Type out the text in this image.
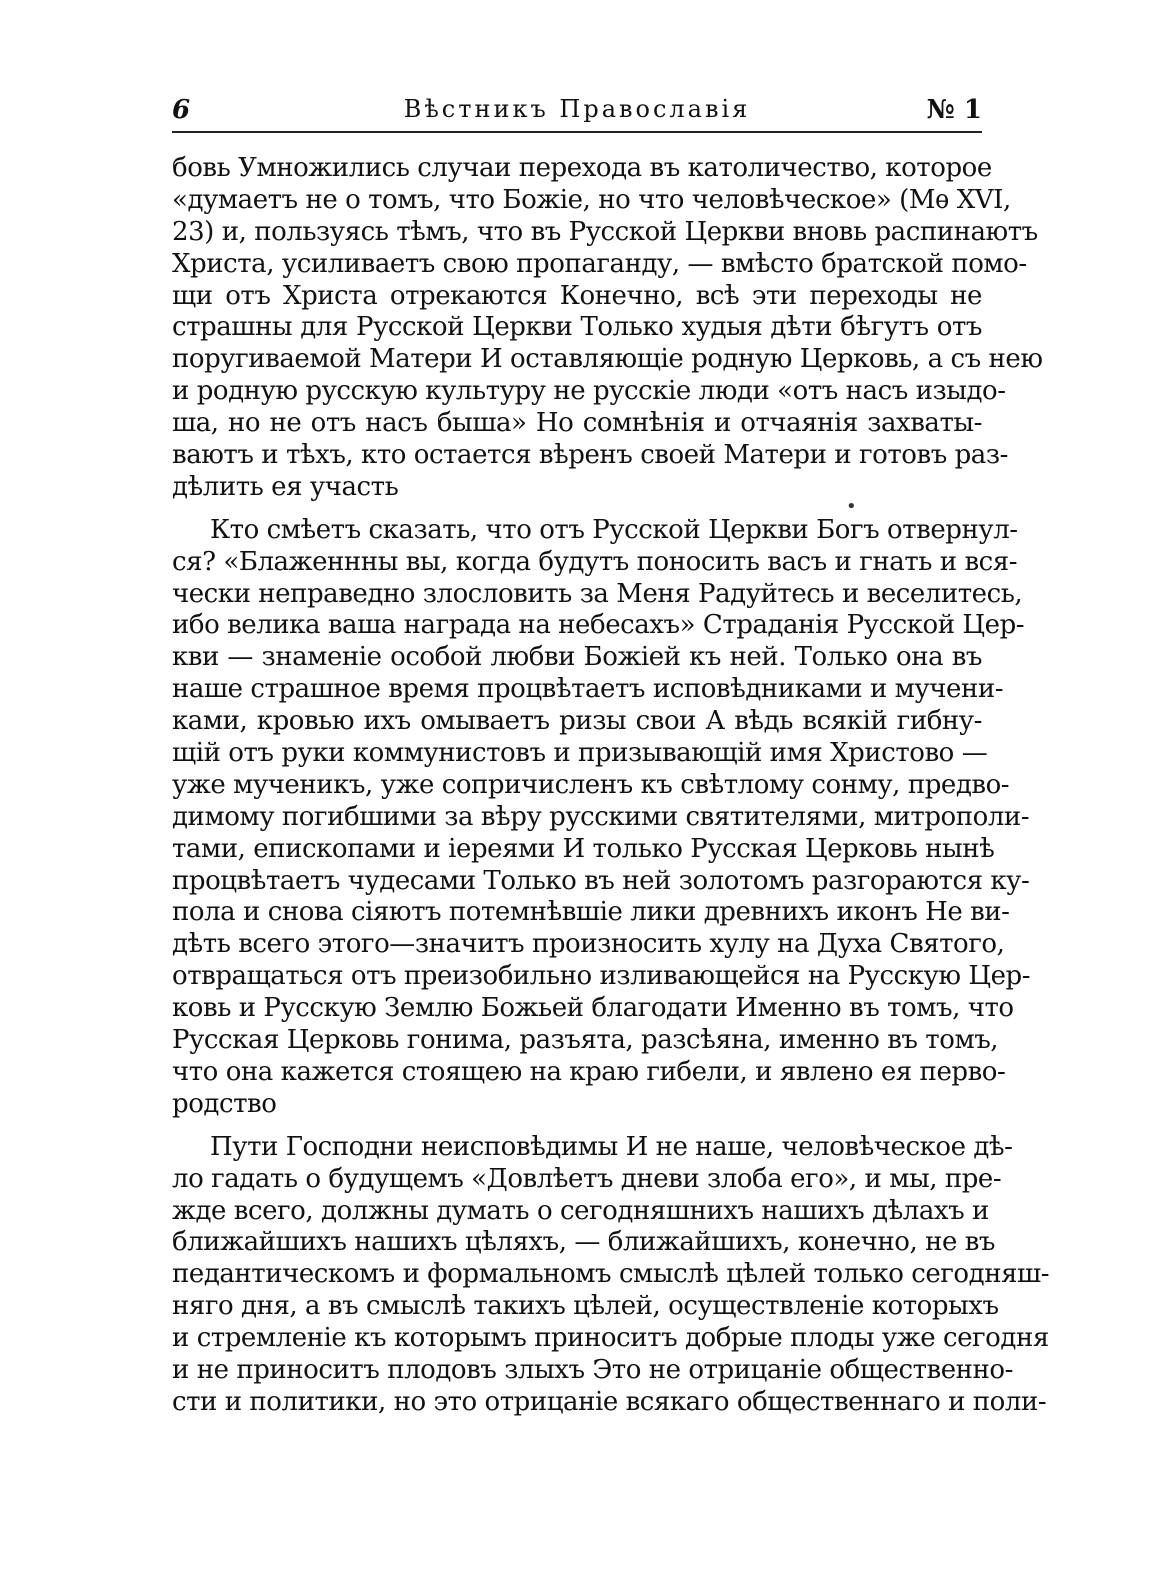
6	Вѣстникъ Православія	№ 1
бовь Умножились случаи перехода въ католичество, которое
«думаетъ не о томъ, что Божіе, но что человѣческое» (Мѳ XVI,
23) и, пользуясь тѣмъ, что въ Русской Церкви вновь распинаютъ
Христа, усиливаетъ свою пропаганду, — вмѣсто братской помо-
щи отъ Христа отрекаются Конечно, всѣ эти переходы не
страшны для Русской Церкви Только худыя дѣти бѣгутъ отъ
поругиваемой Матери И оставляющіе родную Церковь, а съ нею
и родную русскую культуру не русскіе люди «отъ насъ изыдо-
ша, но не отъ насъ быша» Но сомнѣнія и отчаянія захваты-
ваютъ и тѣхъ, кто остается вѣренъ своей Матери и готовъ раз-
дѣлить ея участь
Кто смѣетъ сказать, что отъ Русской Церкви Богъ отвернул-
ся? «Блаженнны вы, когда будутъ поносить васъ и гнать и вся-
чески неправедно злословить за Меня Радуйтесь и веселитесь,
ибо велика ваша награда на небесахъ» Страданія Русской Цер-
кви — знаменіе особой любви Божіей къ ней. Только она въ
наше страшное время процвѣтаетъ исповѣдниками и мучени-
ками, кровью ихъ омываетъ ризы свои А вѣдь всякій гибну-
щій отъ руки коммунистовъ и призывающій имя Христово —
уже мученикъ, уже сопричисленъ къ свѣтлому сонму, предво-
димому погибшими за вѣру русскими святителями, митрополи-
тами, епископами и іереями И только Русская Церковь нынѣ
процвѣтаетъ чудесами Только въ ней золотомъ разгораются ку-
пола и снова сіяютъ потемнѣвшіе лики древнихъ иконъ Не ви-
дѣть всего этого—значитъ произносить хулу на Духа Святого,
отвращаться отъ преизобильно изливающейся на Русскую Цер-
ковь и Русскую Землю Божьей благодати Именно въ томъ, что
Русская Церковь гонима, разъята, разсѣяна, именно въ томъ,
что она кажется стоящею на краю гибели, и явлено ея перво-
родство
Пути Господни неисповѣдимы И не наше, человѣческое дѣ-
ло гадать о будущемъ «Довлѣетъ дневи злоба его», и мы, пре-
жде всего, должны думать о сегодняшнихъ нашихъ дѣлахъ и
ближайшихъ нашихъ цѣляхъ, — ближайшихъ, конечно, не въ
педантическомъ и формальномъ смыслѣ цѣлей только сегодняш-
няго дня, а въ смыслѣ такихъ цѣлей, осуществленіе которыхъ
и стремленіе къ которымъ приноситъ добрые плоды уже сегодня
и не приноситъ плодовъ злыхъ Это не отрицаніе общественно-
сти и политики, но это отрицаніе всякаго общественнаго и поли-
•
